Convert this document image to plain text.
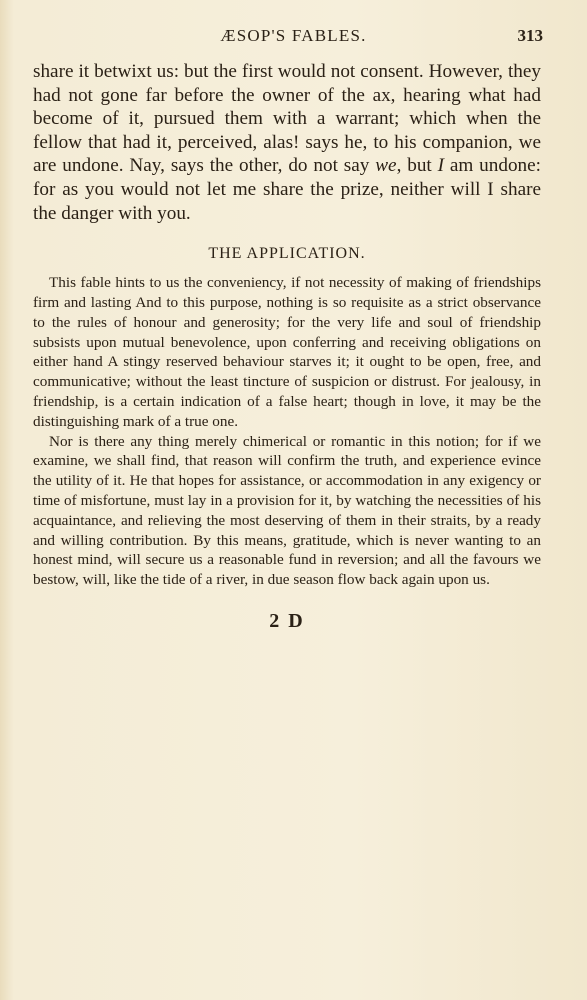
ÆSOP'S FABLES.	313

share it betwixt us: but the first would not consent. However, they had not gone far before the owner of the ax, hearing what had become of it, pursued them with a warrant; which when the fellow that had it, perceived, alas! says he, to his companion, we are undone. Nay, says the other, do not say we, but I am undone: for as you would not let me share the prize, neither will I share the danger with you.

THE APPLICATION.

This fable hints to us the conveniency, if not necessity of making of friendships firm and lasting And to this purpose, nothing is so requisite as a strict observance to the rules of honour and generosity; for the very life and soul of friendship subsists upon mutual benevolence, upon conferring and receiving obligations on either hand A stingy reserved behaviour starves it; it ought to be open, free, and communicative; without the least tincture of suspicion or distrust. For jealousy, in friendship, is a certain indication of a false heart; though in love, it may be the distinguishing mark of a true one.

Nor is there any thing merely chimerical or romantic in this notion; for if we examine, we shall find, that reason will confirm the truth, and experience evince the utility of it. He that hopes for assistance, or accommodation in any exigency or time of misfortune, must lay in a provision for it, by watching the necessities of his acquaintance, and relieving the most deserving of them in their straits, by a ready and willing contribution. By this means, gratitude, which is never wanting to an honest mind, will secure us a reasonable fund in reversion; and all the favours we bestow, will, like the tide of a river, in due season flow back again upon us.

2 D
